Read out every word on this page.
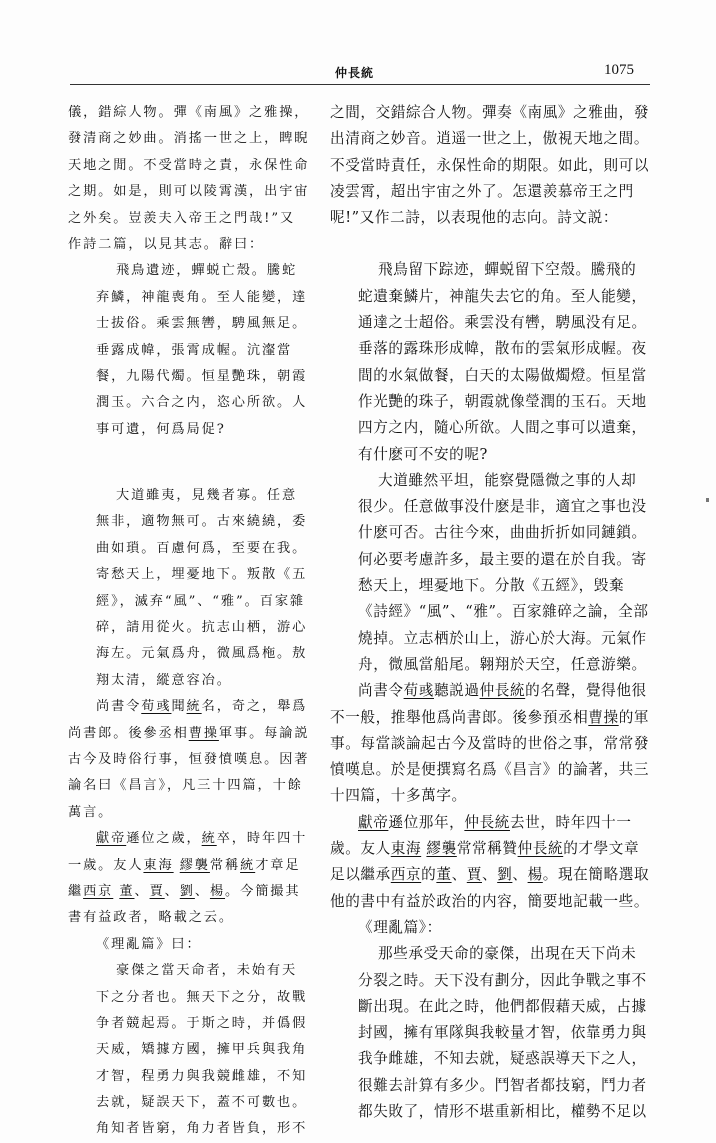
仲長統	1075
儀，錯綜人物。彈《南風》之雅操，
發清商之妙曲。消搖一世之上，睥睨
天地之閒。不受當時之責，永保性命
之期。如是，則可以陵霄漢，出宇宙
之外矣。豈羨夫入帝王之門哉!”又
作詩二篇，以見其志。辭曰：
飛鳥遺迹，蟬蜕亡殼。騰蛇
弃鱗，神龍喪角。至人能變，達
士拔俗。乘雲無轡，騁風無足。
垂露成幃，張霄成幄。沆瀣當
餐，九陽代燭。恒星艷珠，朝霞
潤玉。六合之内，恣心所欲。人
事可遺，何爲局促?
大道雖夷，見幾者寡。任意
無非，適物無可。古來繞繞，委
曲如瑣。百慮何爲，至要在我。
寄愁天上，埋憂地下。叛散《五
經》，滅弃“風”、“雅”。百家雜
碎，請用從火。抗志山栖，游心
海左。元氣爲舟，微風爲柂。敖
翔太清，縱意容冶。
尚書令荀彧聞統名，奇之，舉爲
尚書郎。後參丞相曹操軍事。每論説
古今及時俗行事，恒發憤嘆息。因著
論名曰《昌言》，凡三十四篇，十餘
萬言。
獻帝遜位之歲，統卒，時年四十
一歲。友人東海 繆襲常稱統才章足
繼西京 董、賈、劉、楊。今簡撮其
書有益政者，略載之云。
《理亂篇》曰：
豪傑之當天命者，未始有天
下之分者也。無天下之分，故戰
争者競起焉。于斯之時，并僞假
天威，矯據方國，擁甲兵與我角
才智，程勇力與我競雌雄，不知
去就，疑誤天下，蓋不可數也。
角知者皆窮，角力者皆負，形不
之間，交錯綜合人物。彈奏《南風》之雅曲，發
出清商之妙音。逍遥一世之上，傲視天地之間。
不受當時責任，永保性命的期限。如此，則可以
凌雲霄，超出宇宙之外了。怎還羨慕帝王之門
呢!”又作二詩，以表現他的志向。詩文説：
飛鳥留下踪迹，蟬蜕留下空殼。騰飛的
蛇遺棄鱗片，神龍失去它的角。至人能變，
通達之士超俗。乘雲没有轡，騁風没有足。
垂落的露珠形成幃，散布的雲氣形成幄。夜
間的水氣做餐，白天的太陽做燭燈。恒星當
作光艷的珠子，朝霞就像瑩潤的玉石。天地
四方之内，隨心所欲。人間之事可以遺棄，
有什麽可不安的呢?
大道雖然平坦，能察覺隱微之事的人却
很少。任意做事没什麽是非，適宜之事也没
什麽可否。古往今來，曲曲折折如同鏈鎖。
何必要考慮許多，最主要的還在於自我。寄
愁天上，埋憂地下。分散《五經》，毁棄
《詩經》“風”、“雅”。百家雜碎之論，全部
燒掉。立志栖於山上，游心於大海。元氣作
舟，微風當船尾。翱翔於天空，任意游樂。
尚書令荀彧聽説過仲長統的名聲，覺得他很
不一般，推舉他爲尚書郎。後參預丞相曹操的軍
事。每當談論起古今及當時的世俗之事，常常發
憤嘆息。於是便撰寫名爲《昌言》的論著，共三
十四篇，十多萬字。
獻帝遜位那年，仲長統去世，時年四十一
歲。友人東海 繆襲常常稱贊仲長統的才學文章
足以繼承西京的董、賈、劉、楊。現在簡略選取
他的書中有益於政治的内容，簡要地記載一些。
《理亂篇》：
那些承受天命的豪傑，出現在天下尚未
分裂之時。天下没有劃分，因此争戰之事不
斷出現。在此之時，他們都假藉天威，占據
封國，擁有軍隊與我較量才智，依靠勇力與
我争雌雄，不知去就，疑惑誤導天下之人，
很難去計算有多少。鬥智者都技窮，鬥力者
都失敗了，情形不堪重新相比，權勢不足以
